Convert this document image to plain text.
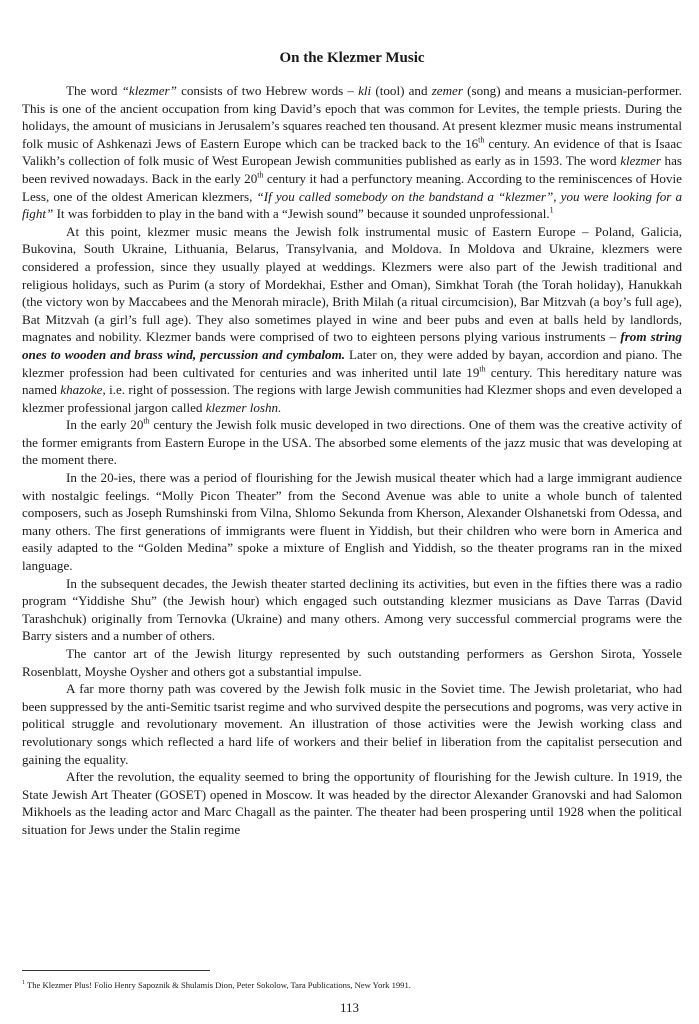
On the Klezmer Music

The word “klezmer” consists of two Hebrew words – kli (tool) and zemer (song) and means a musician-performer. This is one of the ancient occupation from king David’s epoch that was common for Levites, the temple priests. During the holidays, the amount of musicians in Jerusalem’s squares reached ten thousand. At present klezmer music means instrumental folk music of Ashkenazi Jews of Eastern Europe which can be tracked back to the 16th century. An evidence of that is Isaac Valikh’s collection of folk music of West European Jewish communities published as early as in 1593. The word klezmer has been revived nowadays. Back in the early 20th century it had a perfunctory meaning. According to the reminiscences of Hovie Less, one of the oldest American klezmers, “If you called somebody on the bandstand a “klezmer”, you were looking for a fight” It was forbidden to play in the band with a “Jewish sound” because it sounded unprofessional.$^1$

At this point, klezmer music means the Jewish folk instrumental music of Eastern Europe – Poland, Galicia, Bukovina, South Ukraine, Lithuania, Belarus, Transylvania, and Moldova. In Moldova and Ukraine, klezmers were considered a profession, since they usually played at weddings. Klezmers were also part of the Jewish traditional and religious holidays, such as Purim (a story of Mordekhai, Esther and Oman), Simkhat Torah (the Torah holiday), Hanukkah (the victory won by Maccabees and the Menorah miracle), Brith Milah (a ritual circumcision), Bar Mitzvah (a boy’s full age), Bat Mitzvah (a girl’s full age). They also sometimes played in wine and beer pubs and even at balls held by landlords, magnates and nobility. Klezmer bands were comprised of two to eighteen persons plying various instruments – from string ones to wooden and brass wind, percussion and cymbalom. Later on, they were added by bayan, accordion and piano. The klezmer profession had been cultivated for centuries and was inherited until late 19th century. This hereditary nature was named khazoke, i.e. right of possession. The regions with large Jewish communities had Klezmer shops and even developed a klezmer professional jargon called klezmer loshn.

In the early 20th century the Jewish folk music developed in two directions. One of them was the creative activity of the former emigrants from Eastern Europe in the USA. The absorbed some elements of the jazz music that was developing at the moment there.

In the 20-ies, there was a period of flourishing for the Jewish musical theater which had a large immigrant audience with nostalgic feelings. “Molly Picon Theater” from the Second Avenue was able to unite a whole bunch of talented composers, such as Joseph Rumshinski from Vilna, Shlomo Sekunda from Kherson, Alexander Olshanetski from Odessa, and many others. The first generations of immigrants were fluent in Yiddish, but their children who were born in America and easily adapted to the “Golden Medina” spoke a mixture of English and Yiddish, so the theater programs ran in the mixed language.

In the subsequent decades, the Jewish theater started declining its activities, but even in the fifties there was a radio program “Yiddishe Shu” (the Jewish hour) which engaged such outstanding klezmer musicians as Dave Tarras (David Tarashchuk) originally from Ternovka (Ukraine) and many others. Among very successful commercial programs were the Barry sisters and a number of others.

The cantor art of the Jewish liturgy represented by such outstanding performers as Gershon Sirota, Yossele Rosenblatt, Moyshe Oysher and others got a substantial impulse.

A far more thorny path was covered by the Jewish folk music in the Soviet time. The Jewish proletariat, who had been suppressed by the anti-Semitic tsarist regime and who survived despite the persecutions and pogroms, was very active in political struggle and revolutionary movement. An illustration of those activities were the Jewish working class and revolutionary songs which reflected a hard life of workers and their belief in liberation from the capitalist persecution and gaining the equality.

After the revolution, the equality seemed to bring the opportunity of flourishing for the Jewish culture. In 1919, the State Jewish Art Theater (GOSET) opened in Moscow. It was headed by the director Alexander Granovski and had Salomon Mikhoels as the leading actor and Marc Chagall as the painter. The theater had been prospering until 1928 when the political situation for Jews under the Stalin regime

$^1$ The Klezmer Plus! Folio Henry Sapoznik & Shulamis Dion, Peter Sokolow, Tara Publications, New York 1991.
113
